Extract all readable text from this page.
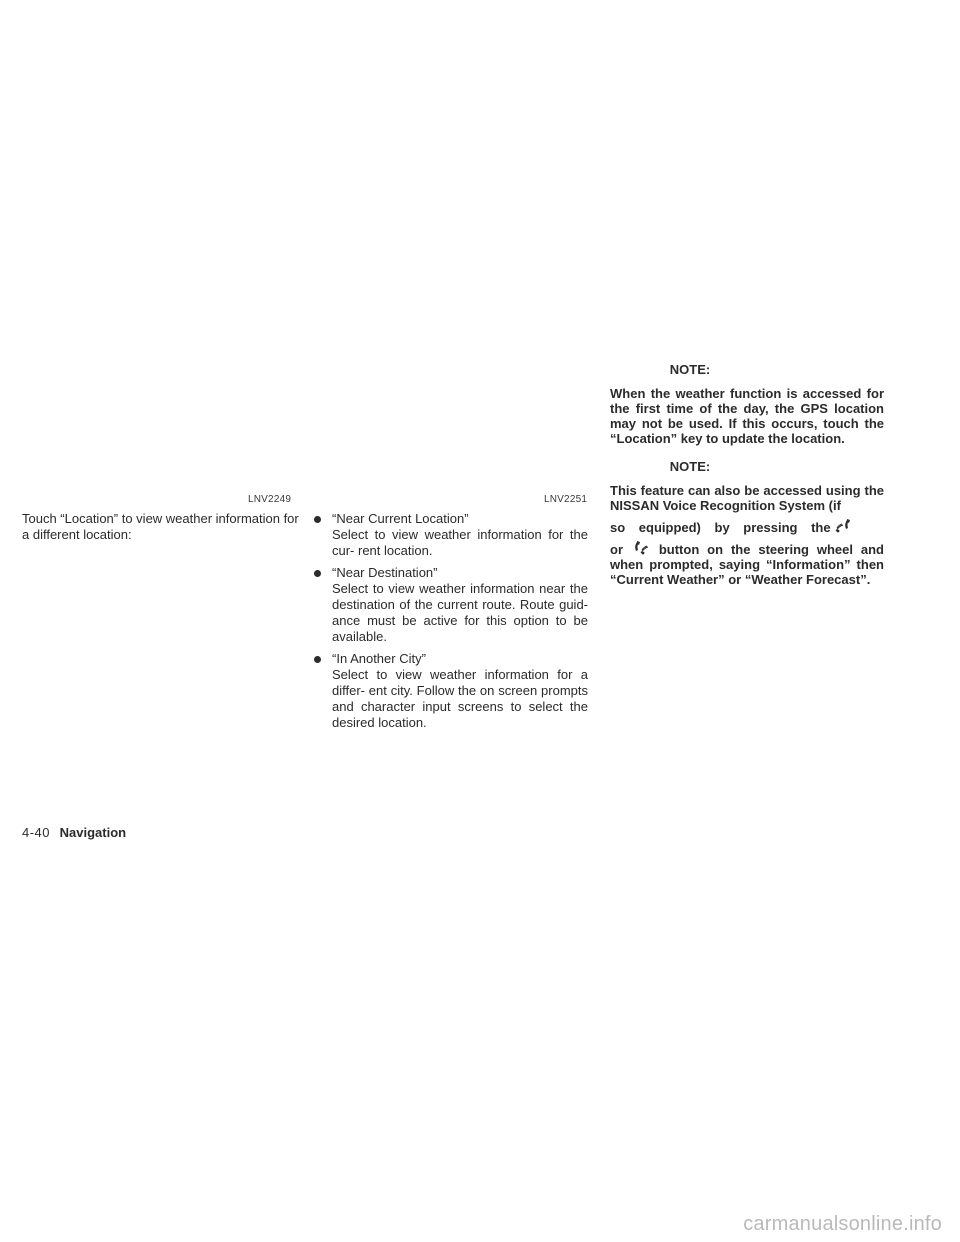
LNV2249	LNV2251
Touch “Location” to view weather information for a different location:
“Near Current Location”
Select to view weather information for the cur- rent location.
“Near Destination”
Select to view weather information near the destination of the current route. Route guid- ance must be active for this option to be available.
“In Another City”
Select to view weather information for a differ- ent city. Follow the on screen prompts and character input screens to select the desired location.
NOTE:
When the weather function is accessed for the first time of the day, the GPS location may not be used. If this occurs, touch the “Location” key to update the location.
NOTE:
This feature can also be accessed using the NISSAN Voice Recognition System (if
so equipped) by pressing the
or	button on the steering wheel and when prompted, saying “Information” then “Current Weather” or “Weather Forecast”.
4-40 Navigation
carmanualsonline.info
